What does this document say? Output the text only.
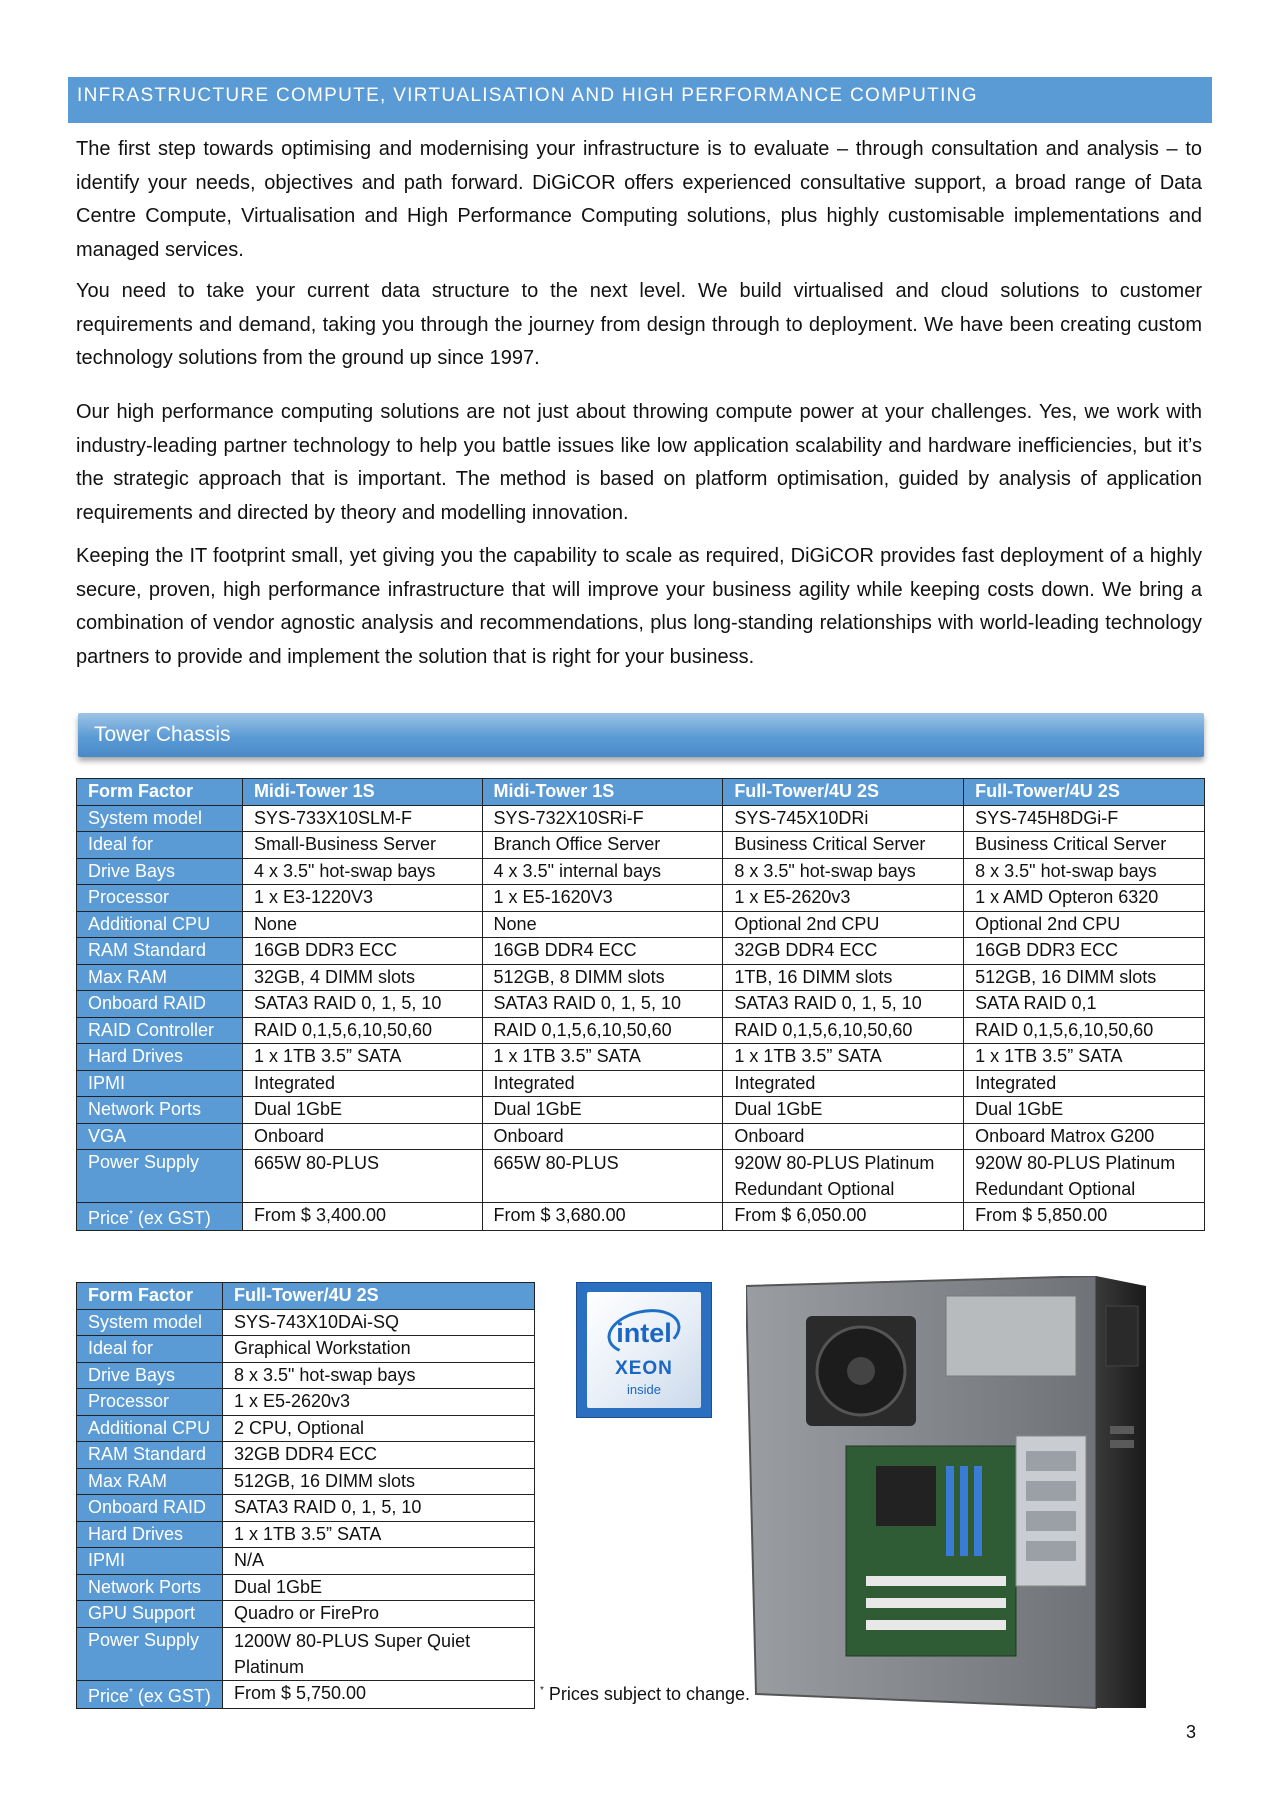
INFRASTRUCTURE COMPUTE, VIRTUALISATION AND HIGH PERFORMANCE COMPUTING

The first step towards optimising and modernising your infrastructure is to evaluate – through consultation and analysis – to identify your needs, objectives and path forward. DiGiCOR offers experienced consultative support, a broad range of Data Centre Compute, Virtualisation and High Performance Computing solutions, plus highly customisable implementations and managed services.

You need to take your current data structure to the next level. We build virtualised and cloud solutions to customer requirements and demand, taking you through the journey from design through to deployment. We have been creating custom technology solutions from the ground up since 1997.

Our high performance computing solutions are not just about throwing compute power at your challenges. Yes, we work with industry-leading partner technology to help you battle issues like low application scalability and hardware inefficiencies, but it’s the strategic approach that is important. The method is based on platform optimisation, guided by analysis of application requirements and directed by theory and modelling innovation.

Keeping the IT footprint small, yet giving you the capability to scale as required, DiGiCOR provides fast deployment of a highly secure, proven, high performance infrastructure that will improve your business agility while keeping costs down. We bring a combination of vendor agnostic analysis and recommendations, plus long-standing relationships with world-leading technology partners to provide and implement the solution that is right for your business.

Tower Chassis
Form Factor	Midi-Tower 1S	Midi-Tower 1S	Full-Tower/4U 2S	Full-Tower/4U 2S
System model	SYS-733X10SLM-F	SYS-732X10SRi-F	SYS-745X10DRi	SYS-745H8DGi-F
Ideal for	Small-Business Server	Branch Office Server	Business Critical Server	Business Critical Server
Drive Bays	4 x 3.5" hot-swap bays	4 x 3.5" internal bays	8 x 3.5" hot-swap bays	8 x 3.5" hot-swap bays
Processor	1 x E3-1220V3	1 x E5-1620V3	1 x E5-2620v3	1 x AMD Opteron 6320
Additional CPU	None	None	Optional 2nd CPU	Optional 2nd CPU
RAM Standard	16GB DDR3 ECC	16GB DDR4 ECC	32GB DDR4 ECC	16GB DDR3 ECC
Max RAM	32GB, 4 DIMM slots	512GB, 8 DIMM slots	1TB, 16 DIMM slots	512GB, 16 DIMM slots
Onboard RAID	SATA3 RAID 0, 1, 5, 10	SATA3 RAID 0, 1, 5, 10	SATA3 RAID 0, 1, 5, 10	SATA RAID 0,1
RAID Controller	RAID 0,1,5,6,10,50,60	RAID 0,1,5,6,10,50,60	RAID 0,1,5,6,10,50,60	RAID 0,1,5,6,10,50,60
Hard Drives	1 x 1TB 3.5” SATA	1 x 1TB 3.5” SATA	1 x 1TB 3.5” SATA	1 x 1TB 3.5” SATA
IPMI	Integrated	Integrated	Integrated	Integrated
Network Ports	Dual 1GbE	Dual 1GbE	Dual 1GbE	Dual 1GbE
VGA	Onboard	Onboard	Onboard	Onboard Matrox G200
Power Supply	665W 80-PLUS	665W 80-PLUS	920W 80-PLUS Platinum Redundant Optional	920W 80-PLUS Platinum Redundant Optional
Price* (ex GST)	From $ 3,400.00	From $ 3,680.00	From $ 6,050.00	From $ 5,850.00
Form Factor	Full-Tower/4U 2S
System model	SYS-743X10DAi-SQ
Ideal for	Graphical Workstation
Drive Bays	8 x 3.5" hot-swap bays
Processor	1 x E5-2620v3
Additional CPU	2 CPU, Optional
RAM Standard	32GB DDR4 ECC
Max RAM	512GB, 16 DIMM slots
Onboard RAID	SATA3 RAID 0, 1, 5, 10
Hard Drives	1 x 1TB 3.5” SATA
IPMI	N/A
Network Ports	Dual 1GbE
GPU Support	Quadro or FirePro
Power Supply	1200W 80-PLUS Super Quiet Platinum
Price* (ex GST)	From $ 5,750.00
intel
XEON
inside
* Prices subject to change.
3
